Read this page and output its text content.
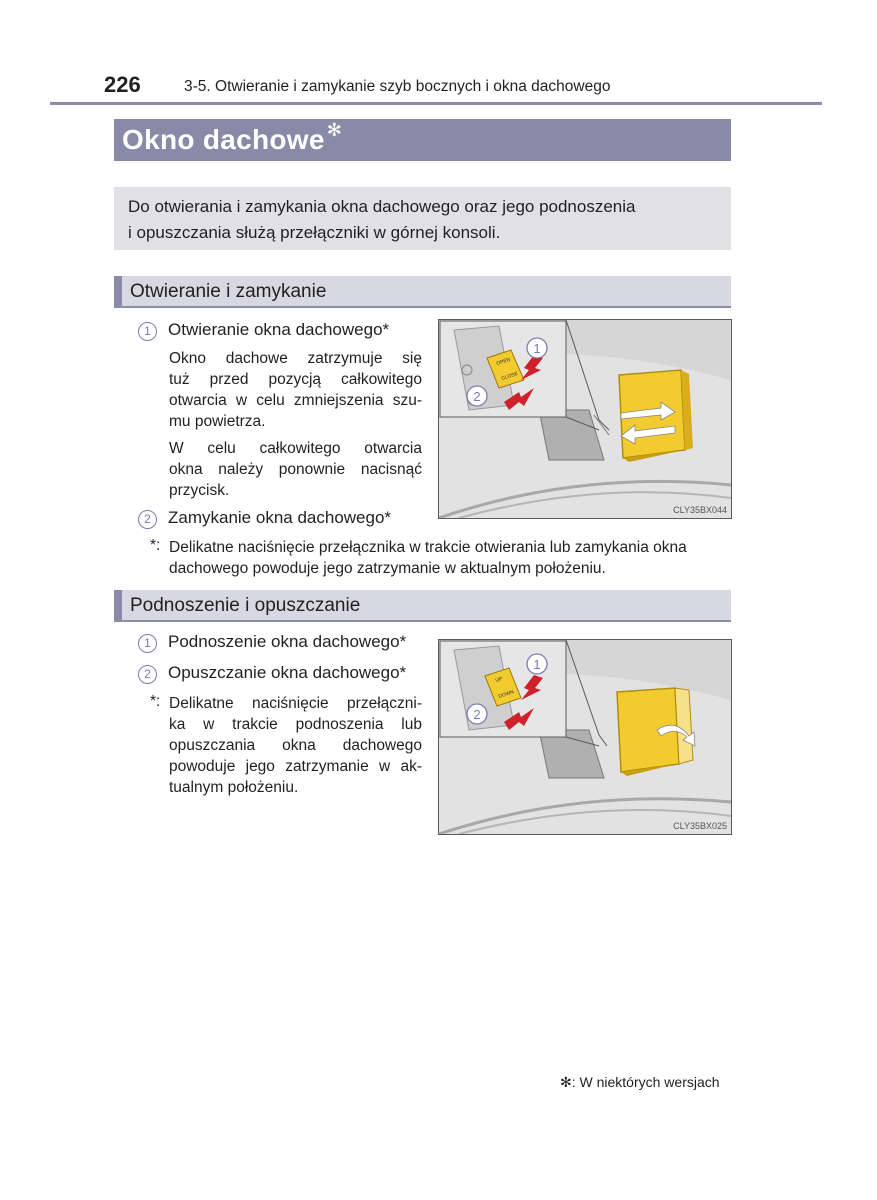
226	3-5. Otwieranie i zamykanie szyb bocznych i okna dachowego
Okno dachowe ✻
Do otwierania i zamykania okna dachowego oraz jego podnoszenia
i opuszczania służą przełączniki w górnej konsoli.
Otwieranie i zamykanie
1	Otwieranie okna dachowego*
Okno dachowe zatrzymuje się
tuż przed pozycją całkowitego
otwarcia w celu zmniejszenia szu-
mu powietrza.
W celu całkowitego otwarcia
okna należy ponownie nacisnąć
przycisk.
2	Zamykanie okna dachowego*
*: Delikatne naciśnięcie przełącznika w trakcie otwierania lub zamykania okna
dachowego powoduje jego zatrzymanie w aktualnym położeniu.
OPEN
CLOSE
1
2
CLY35BX044
Podnoszenie i opuszczanie
1	Podnoszenie okna dachowego*
2	Opuszczanie okna dachowego*
*: Delikatne naciśnięcie przełączni-
ka w trakcie podnoszenia lub
opuszczania okna dachowego
powoduje jego zatrzymanie w ak-
tualnym położeniu.
UP
DOWN
1
2
CLY35BX025
✻: W niektórych wersjach
